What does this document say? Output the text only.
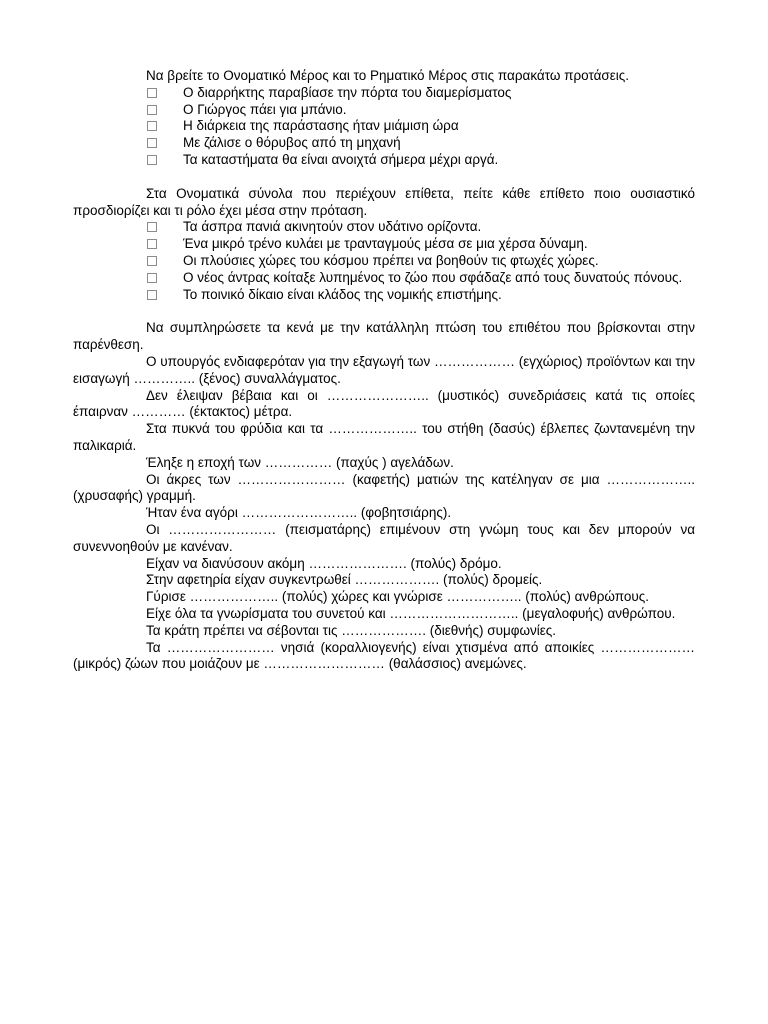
Να βρείτε το Ονοματικό Μέρος και το Ρηματικό Μέρος στις παρακάτω προτάσεις.

Ο διαρρήκτης παραβίασε την πόρτα του διαμερίσματος
Ο Γιώργος πάει για μπάνιο.
Η διάρκεια της παράστασης ήταν μιάμιση ώρα
Με ζάλισε ο θόρυβος από τη μηχανή
Τα καταστήματα θα είναι ανοιχτά σήμερα μέχρι αργά.

Στα Ονοματικά σύνολα που περιέχουν επίθετα, πείτε κάθε επίθετο ποιο ουσιαστικό προσδιορίζει και τι ρόλο έχει μέσα στην πρόταση.

Τα άσπρα πανιά ακινητούν στον υδάτινο ορίζοντα.
Ένα μικρό τρένο κυλάει με τρανταγμούς μέσα σε μια χέρσα δύναμη.
Οι πλούσιες χώρες του κόσμου πρέπει να βοηθούν τις φτωχές χώρες.

Ο νέος άντρας κοίταξε λυπημένος το ζώο που σφάδαζε από τους δυνατούς πόνους.

Το ποινικό δίκαιο είναι κλάδος της νομικής επιστήμης.

Να συμπληρώσετε τα κενά με την κατάλληλη πτώση του επιθέτου που βρίσκονται στην παρένθεση.

Ο υπουργός ενδιαφερόταν για την εξαγωγή των ……………… (εγχώριος) προϊόντων και την εισαγωγή ………….. (ξένος) συναλλάγματος.

Δεν έλειψαν βέβαια και οι ………………….. (μυστικός) συνεδριάσεις κατά τις οποίες έπαιρναν ………… (έκτακτος) μέτρα.

Στα πυκνά του φρύδια και τα ……………….. του στήθη (δασύς) έβλεπες ζωντανεμένη την παλικαριά.

Έληξε η εποχή των …………… (παχύς ) αγελάδων.

Οι άκρες των …………………… (καφετής) ματιών της κατέληγαν σε μια ……………….. (χρυσαφής) γραμμή.

Ήταν ένα αγόρι …………………….. (φοβητσιάρης).

Οι …………………… (πεισματάρης) επιμένουν στη γνώμη τους και δεν μπορούν να συνεννοηθούν με κανέναν.

Είχαν να διανύσουν ακόμη …………………. (πολύς) δρόμο.

Στην αφετηρία είχαν συγκεντρωθεί ………………. (πολύς) δρομείς.

Γύρισε ……………….. (πολύς) χώρες και γνώρισε …………….. (πολύς) ανθρώπους.

Είχε όλα τα γνωρίσματα του συνετού και ……………………….. (μεγαλοφυής) ανθρώπου.

Τα κράτη πρέπει να σέβονται τις ………………. (διεθνής) συμφωνίες.

Τα …………………… νησιά (κοραλλιογενής) είναι χτισμένα από αποικίες ………………… (μικρός) ζώων που μοιάζουν με ……………………… (θαλάσσιος) ανεμώνες.
